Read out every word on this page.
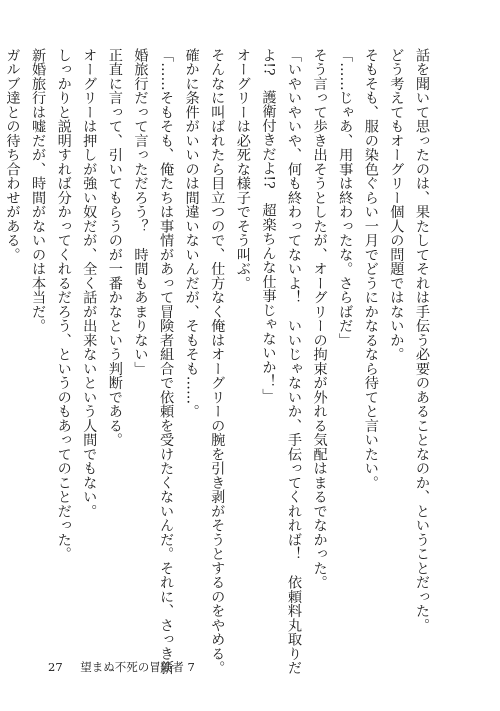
話を聞いて思ったのは、果たしてそれは手伝う必要のあることなのか、ということだった。
どう考えてもオーグリー個人の問題ではないか。
そもそも、服の染色ぐらい一月でどうにかなるなら待てと言いたい。
「……じゃあ、用事は終わったな。さらばだ」
そう言って歩き出そうとしたが、オーグリーの拘束が外れる気配はまるでなかった。
「いやいやいや、何も終わってないよ！　いいじゃないか、手伝ってくれれば！　依頼料丸取りだ
よ!?　護衛付きだよ!?　超楽ちんな仕事じゃないか！」
オーグリーは必死な様子でそう叫ぶ。
そんなに叫ばれたら目立つので、仕方なく俺はオーグリーの腕を引き剥がそうとするのをやめる。
確かに条件がいいのは間違いないんだが、そもそも……。
「……そもそも、俺たちは事情があって冒険者組合で依頼を受けたくないんだ。それに、さっき新
婚旅行だって言っただろう？　時間もあまりない」
正直に言って、引いてもらうのが一番かなという判断である。
オーグリーは押しが強い奴だが、全く話が出来ないという人間でもない。
しっかりと説明すれば分かってくれるだろう、というのもあってのことだった。
新婚旅行は嘘だが、時間がないのは本当だ。
ガルブ達との待ち合わせがある。
27 望まぬ不死の冒険者 7
